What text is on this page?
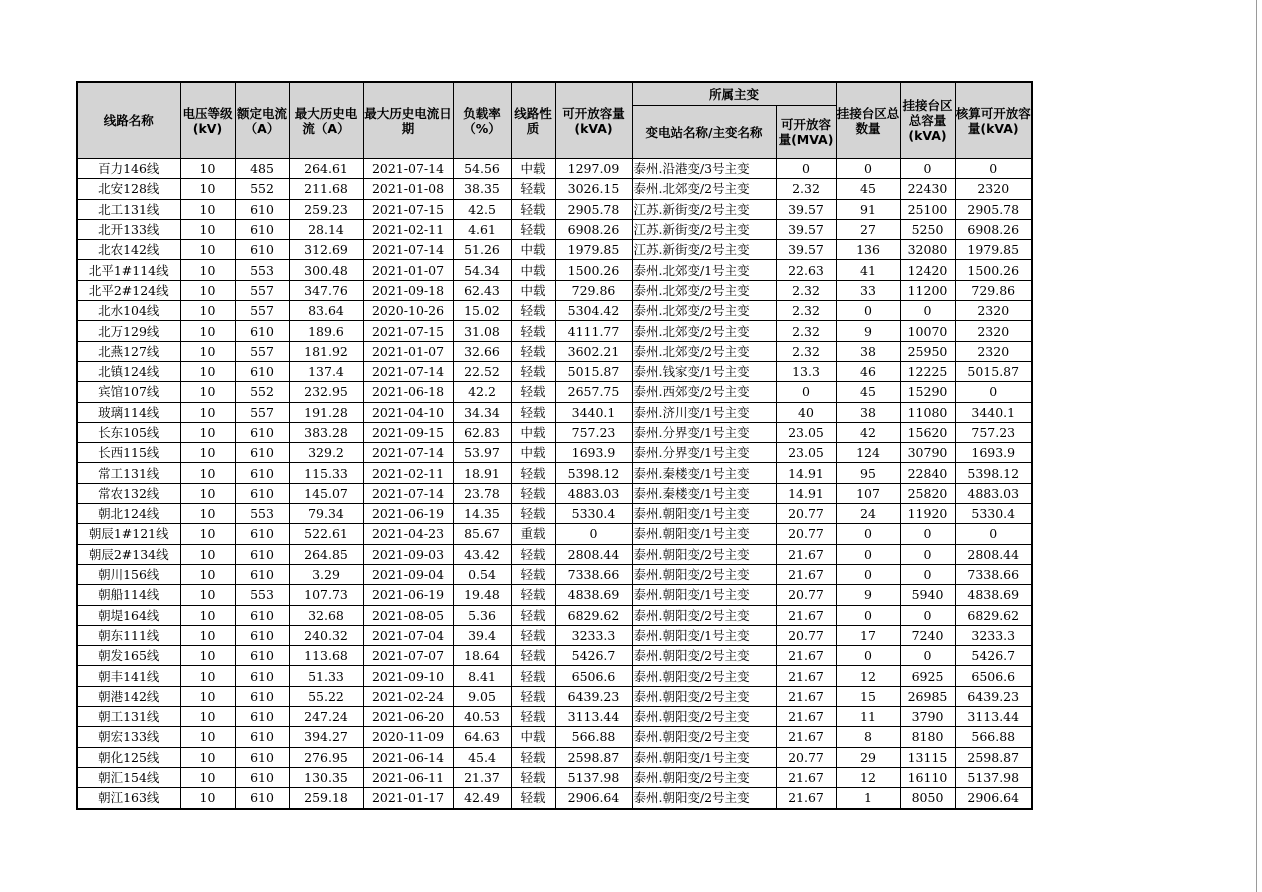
线路名称	电压等级(kV)	额定电流（A）	最大历史电流（A）	最大历史电流日期	负载率（%）	线路性质	可开放容量(kVA)	所属主变		挂接台区总数量	挂接台区总容量(kVA)	核算可开放容量(kVA)
								变电站名称/主变名称	可开放容量(MVA)			
百力146线	10	485	264.61	2021-07-14	54.56	中载	1297.09	泰州.沿港变/3号主变	0	0	0	0
北安128线	10	552	211.68	2021-01-08	38.35	轻载	3026.15	泰州.北郊变/2号主变	2.32	45	22430	2320
北工131线	10	610	259.23	2021-07-15	42.5	轻载	2905.78	江苏.新街变/2号主变	39.57	91	25100	2905.78
北开133线	10	610	28.14	2021-02-11	4.61	轻载	6908.26	江苏.新街变/2号主变	39.57	27	5250	6908.26
北农142线	10	610	312.69	2021-07-14	51.26	中载	1979.85	江苏.新街变/2号主变	39.57	136	32080	1979.85
北平1#114线	10	553	300.48	2021-01-07	54.34	中载	1500.26	泰州.北郊变/1号主变	22.63	41	12420	1500.26
北平2#124线	10	557	347.76	2021-09-18	62.43	中载	729.86	泰州.北郊变/2号主变	2.32	33	11200	729.86
北水104线	10	557	83.64	2020-10-26	15.02	轻载	5304.42	泰州.北郊变/2号主变	2.32	0	0	2320
北万129线	10	610	189.6	2021-07-15	31.08	轻载	4111.77	泰州.北郊变/2号主变	2.32	9	10070	2320
北燕127线	10	557	181.92	2021-01-07	32.66	轻载	3602.21	泰州.北郊变/2号主变	2.32	38	25950	2320
北镇124线	10	610	137.4	2021-07-14	22.52	轻载	5015.87	泰州.钱家变/1号主变	13.3	46	12225	5015.87
宾馆107线	10	552	232.95	2021-06-18	42.2	轻载	2657.75	泰州.西郊变/2号主变	0	45	15290	0
玻璃114线	10	557	191.28	2021-04-10	34.34	轻载	3440.1	泰州.济川变/1号主变	40	38	11080	3440.1
长东105线	10	610	383.28	2021-09-15	62.83	中载	757.23	泰州.分界变/1号主变	23.05	42	15620	757.23
长西115线	10	610	329.2	2021-07-14	53.97	中载	1693.9	泰州.分界变/1号主变	23.05	124	30790	1693.9
常工131线	10	610	115.33	2021-02-11	18.91	轻载	5398.12	泰州.秦楼变/1号主变	14.91	95	22840	5398.12
常农132线	10	610	145.07	2021-07-14	23.78	轻载	4883.03	泰州.秦楼变/1号主变	14.91	107	25820	4883.03
朝北124线	10	553	79.34	2021-06-19	14.35	轻载	5330.4	泰州.朝阳变/1号主变	20.77	24	11920	5330.4
朝辰1#121线	10	610	522.61	2021-04-23	85.67	重载	0	泰州.朝阳变/1号主变	20.77	0	0	0
朝辰2#134线	10	610	264.85	2021-09-03	43.42	轻载	2808.44	泰州.朝阳变/2号主变	21.67	0	0	2808.44
朝川156线	10	610	3.29	2021-09-04	0.54	轻载	7338.66	泰州.朝阳变/2号主变	21.67	0	0	7338.66
朝船114线	10	553	107.73	2021-06-19	19.48	轻载	4838.69	泰州.朝阳变/1号主变	20.77	9	5940	4838.69
朝堤164线	10	610	32.68	2021-08-05	5.36	轻载	6829.62	泰州.朝阳变/2号主变	21.67	0	0	6829.62
朝东111线	10	610	240.32	2021-07-04	39.4	轻载	3233.3	泰州.朝阳变/1号主变	20.77	17	7240	3233.3
朝发165线	10	610	113.68	2021-07-07	18.64	轻载	5426.7	泰州.朝阳变/2号主变	21.67	0	0	5426.7
朝丰141线	10	610	51.33	2021-09-10	8.41	轻载	6506.6	泰州.朝阳变/2号主变	21.67	12	6925	6506.6
朝港142线	10	610	55.22	2021-02-24	9.05	轻载	6439.23	泰州.朝阳变/2号主变	21.67	15	26985	6439.23
朝工131线	10	610	247.24	2021-06-20	40.53	轻载	3113.44	泰州.朝阳变/2号主变	21.67	11	3790	3113.44
朝宏133线	10	610	394.27	2020-11-09	64.63	中载	566.88	泰州.朝阳变/2号主变	21.67	8	8180	566.88
朝化125线	10	610	276.95	2021-06-14	45.4	轻载	2598.87	泰州.朝阳变/1号主变	20.77	29	13115	2598.87
朝汇154线	10	610	130.35	2021-06-11	21.37	轻载	5137.98	泰州.朝阳变/2号主变	21.67	12	16110	5137.98
朝江163线	10	610	259.18	2021-01-17	42.49	轻载	2906.64	泰州.朝阳变/2号主变	21.67	1	8050	2906.64
